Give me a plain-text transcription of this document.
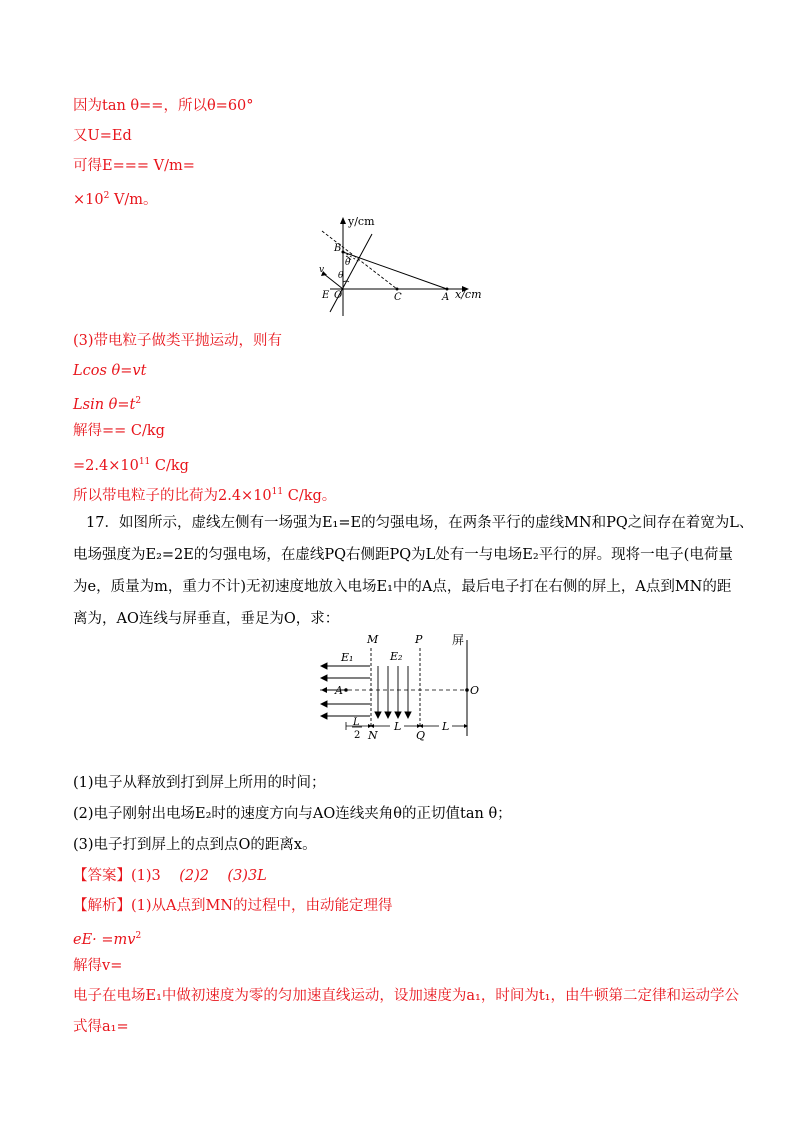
因为tan θ==，所以θ=60°
又U=Ed
可得E=== V/m=
$\times 10^2$ V/m。
y/cm
x/cm
B
C	A
E O
θ
θ
v
(3)带电粒子做类平抛运动，则有
Lcos θ=vt
Lsin $\theta=t^2$
解得== C/kg
$=2.4\times 10^{11}$ C/kg
所以带电粒子的比荷为$2.4\times 10^{11}$ C/kg。
17．如图所示，虚线左侧有一场强为E₁=E的匀强电场，在两条平行的虚线MN和PQ之间存在着宽为L、
电场强度为E₂=2E的匀强电场，在虚线PQ右侧距PQ为L处有一与电场E₂平行的屏。现将一电子(电荷量
为e，质量为m，重力不计)无初速度地放入电场E₁中的A点，最后电子打在右侧的屏上，A点到MN的距
离为，AO连线与屏垂直，垂足为O，求：
M	P 屏
E₁	E₂
A	O
L
2 N
L
Q
L
(1)电子从释放到打到屏上所用的时间；
(2)电子刚射出电场E₂时的速度方向与AO连线夹角θ的正切值tan θ；
(3)电子打到屏上的点到点O的距离x。
【答案】(1)3 (2)2 (3)3L
【解析】(1)从A点到MN的过程中，由动能定理得
$eE\cdot =mv^2$
解得v=
电子在电场E₁中做初速度为零的匀加速直线运动，设加速度为a₁，时间为t₁，由牛顿第二定律和运动学公
式得a₁=
